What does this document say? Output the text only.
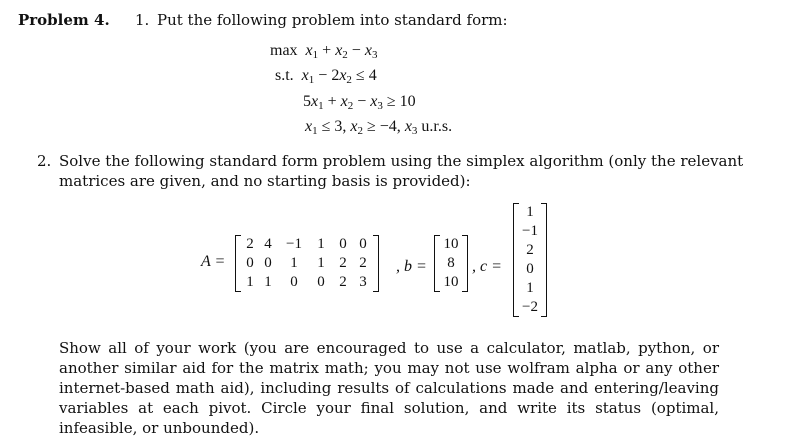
Problem 4. 1. Put the following problem into standard form:
$\max x_1 + x_2 - x_3$
s.t.  $x_1 - 2x_2 \le 4$
$5x_1 + x_2 - x_3 \ge 10$
$x_1 \le 3$, $x_2 \ge -4$, $x_3$ u.r.s.
2. Solve the following standard form problem using the simplex algorithm (only the relevant
matrices are given, and no starting basis is provided):
A =
2	4	−1	1	0	0
0	0	1	1	2	2
1	1	0	0	2	3
, b =
10
8
10
, c =
1
−1
2
0
1
−2
Show all of your work (you are encouraged to use a calculator, matlab, python, or another similar aid for the matrix math; you may not use wolfram alpha or any other internet-based math aid), including results of calculations made and entering/leaving variables at each pivot. Circle your final solution, and write its status (optimal, infeasible, or unbounded).
